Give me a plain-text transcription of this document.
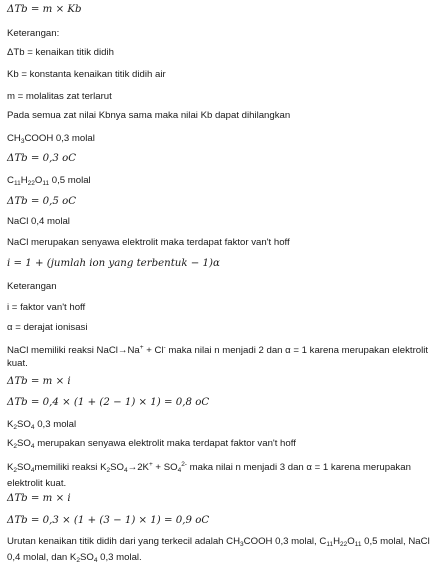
ΔTb = m × Kb
Keterangan:
ΔTb = kenaikan titik didih
Kb = konstanta kenaikan titik didih air
m = molalitas zat terlarut
Pada semua zat nilai Kbnya sama maka nilai Kb dapat dihilangkan
$CH_3COOH$ 0,3 molal
ΔTb = 0,3 oC
$C_{11}H_{22}O_{11}$ 0,5 molal
ΔTb = 0,5 oC
NaCl 0,4 molal
NaCl merupakan senyawa elektrolit maka terdapat faktor van't hoff
i = 1 + (jumlah ion yang terbentuk − 1)α
Keterangan
i = faktor van't hoff
α = derajat ionisasi
NaCl memiliki reaksi NaCl→Na+ + Cl- maka nilai n menjadi 2 dan α = 1 karena merupakan elektrolit kuat.
ΔTb = m × i
ΔTb = 0,4 × (1 + (2 − 1) × 1) = 0,8 oC
$K_2SO_4$ 0,3 molal
$K_2SO_4$ merupakan senyawa elektrolit maka terdapat faktor van't hoff
$K_2SO_4memiliki$ reaksi $K_2SO_4\to 2K^+ + SO_4^{2-}$ maka nilai n menjadi 3 dan α = 1 karena merupakan elektrolit kuat.
ΔTb = m × i
ΔTb = 0,3 × (1 + (3 − 1) × 1) = 0,9 oC
Urutan kenaikan titik didih dari yang terkecil adalah $CH_3COOH$ 0,3 molal, $C_{11}H_{22}O_{11}$ 0,5 molal, NaCl 0,4 molal, dan $K_2SO_4$ 0,3 molal.
